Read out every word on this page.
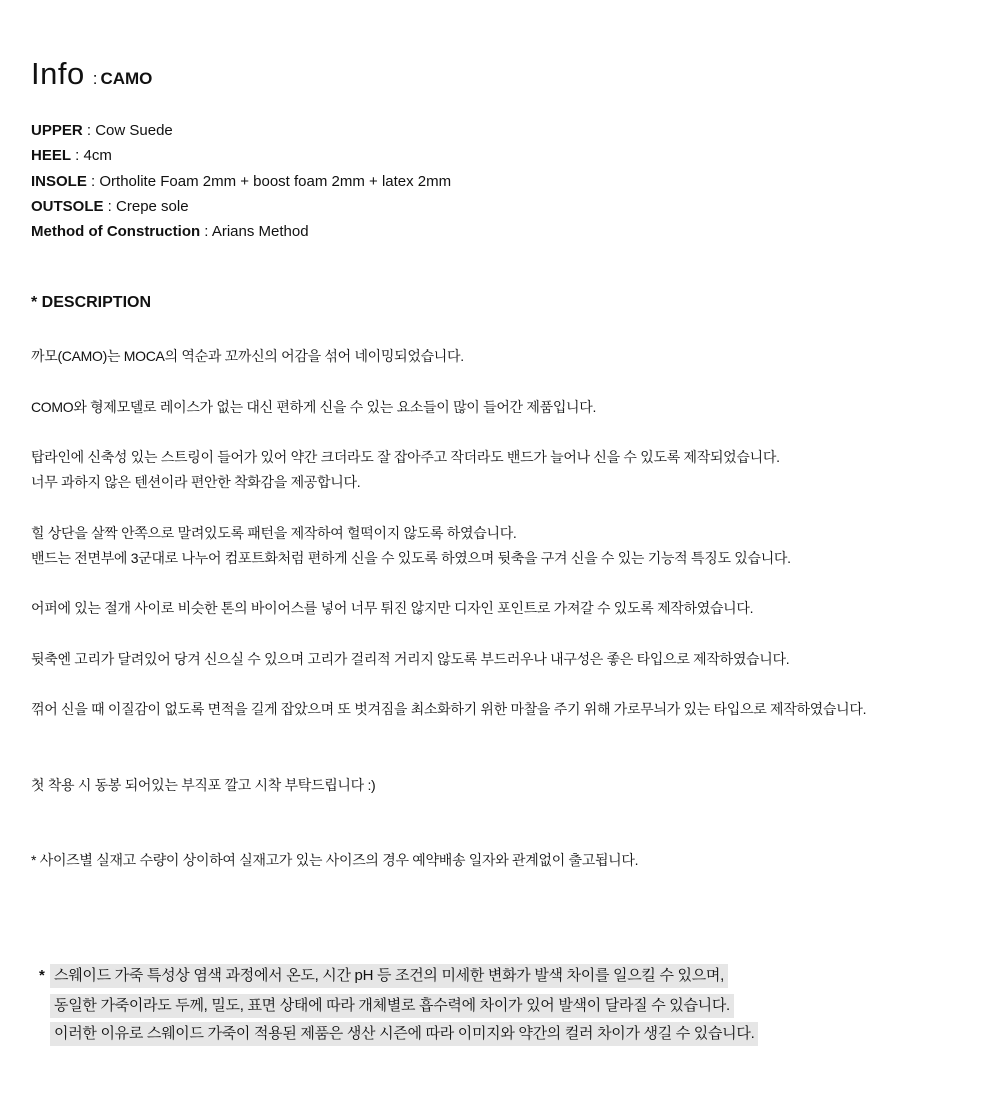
Info : CAMO
UPPER : Cow Suede
HEEL : 4cm
INSOLE : Ortholite Foam 2mm + boost foam 2mm + latex 2mm
OUTSOLE : Crepe sole
Method of Construction : Arians Method
* DESCRIPTION
까모(CAMO)는 MOCA의 역순과 꼬까신의 어감을 섞어 네이밍되었습니다.
COMO와 형제모델로 레이스가 없는 대신 편하게 신을 수 있는 요소들이 많이 들어간 제품입니다.
탑라인에 신축성 있는 스트링이 들어가 있어 약간 크더라도 잘 잡아주고 작더라도 밴드가 늘어나 신을 수 있도록 제작되었습니다.
너무 과하지 않은 텐션이라 편안한 착화감을 제공합니다.
힐 상단을 살짝 안쪽으로 말려있도록 패턴을 제작하여 헐떡이지 않도록 하였습니다.
밴드는 전면부에 3군대로 나누어 컴포트화처럼 편하게 신을 수 있도록 하였으며 뒷축을 구겨 신을 수 있는 기능적 특징도 있습니다.
어퍼에 있는 절개 사이로 비슷한 톤의 바이어스를 넣어 너무 튀진 않지만 디자인 포인트로 가져갈 수 있도록 제작하였습니다.
뒷축엔 고리가 달려있어 당겨 신으실 수 있으며 고리가 걸리적 거리지 않도록 부드러우나 내구성은 좋은 타입으로 제작하였습니다.
꺾어 신을 때 이질감이 없도록 면적을 길게 잡았으며 또 벗겨짐을 최소화하기 위한 마찰을 주기 위해 가로무늬가 있는 타입으로 제작하였습니다.
첫 착용 시 동봉 되어있는 부직포 깔고 시착 부탁드립니다 :)
* 사이즈별 실재고 수량이 상이하여 실재고가 있는 사이즈의 경우 예약배송 일자와 관계없이 출고됩니다.
* 스웨이드 가죽 특성상 염색 과정에서 온도, 시간 pH 등 조건의 미세한 변화가 발색 차이를 일으킬 수 있으며,
동일한 가죽이라도 두께, 밀도, 표면 상태에 따라 개체별로 흡수력에 차이가 있어 발색이 달라질 수 있습니다.
이러한 이유로 스웨이드 가죽이 적용된 제품은 생산 시즌에 따라 이미지와 약간의 컬러 차이가 생길 수 있습니다.
